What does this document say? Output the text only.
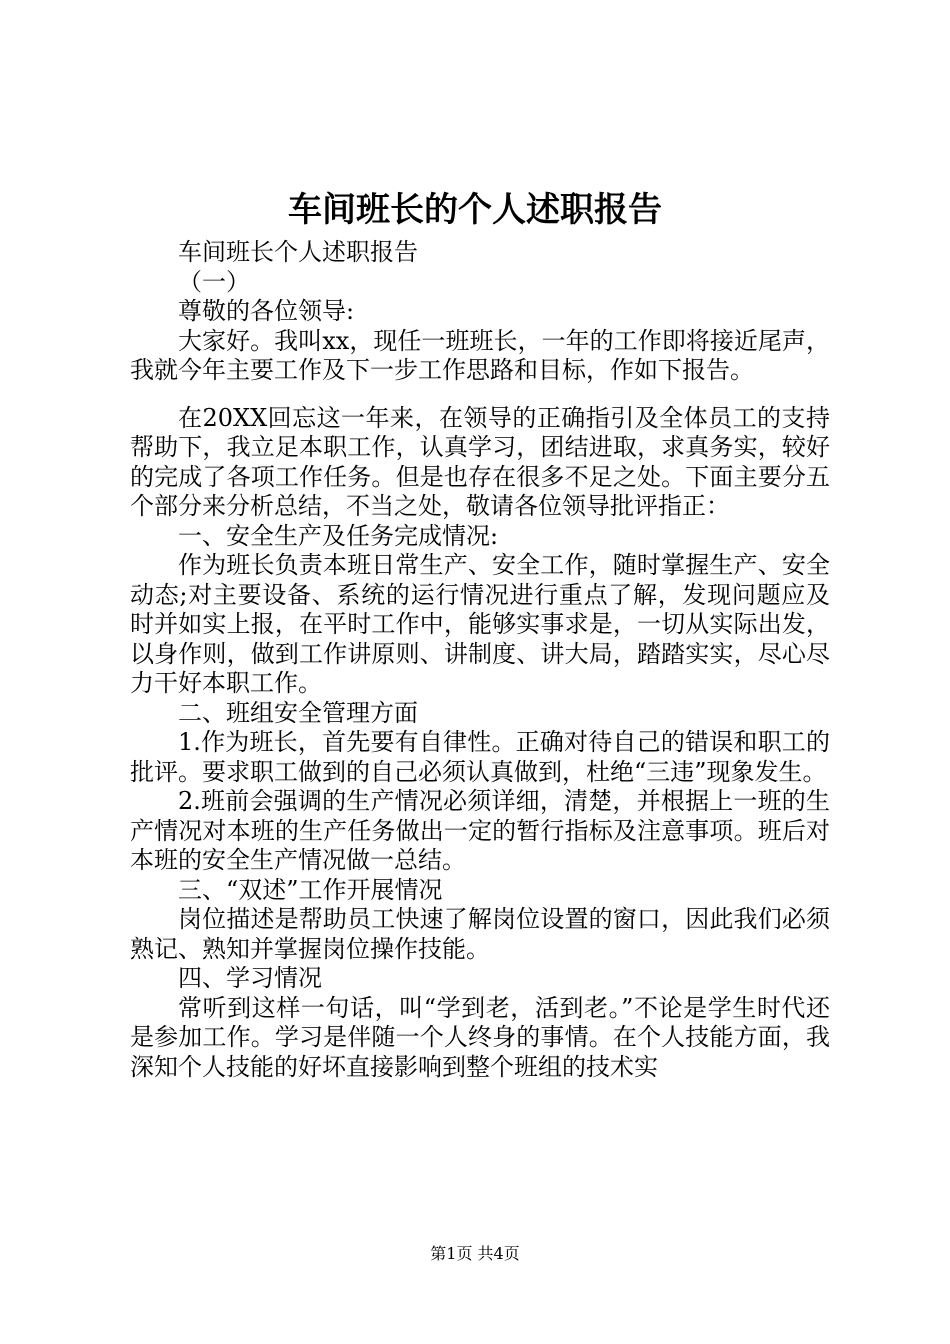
车间班长的个人述职报告

车间班长个人述职报告

（一）

尊敬的各位领导:

大家好。我叫xx，现任一班班长，一年的工作即将接近尾声，我就今年主要工作及下一步工作思路和目标，作如下报告。

在20XX回忘这一年来，在领导的正确指引及全体员工的支持帮助下，我立足本职工作，认真学习，团结进取，求真务实，较好的完成了各项工作任务。但是也存在很多不足之处。下面主要分五个部分来分析总结，不当之处，敬请各位领导批评指正：

一、安全生产及任务完成情况:

作为班长负责本班日常生产、安全工作，随时掌握生产、安全动态;对主要设备、系统的运行情况进行重点了解，发现问题应及时并如实上报，在平时工作中，能够实事求是，一切从实际出发，以身作则，做到工作讲原则、讲制度、讲大局，踏踏实实，尽心尽力干好本职工作。

二、班组安全管理方面

1.作为班长，首先要有自律性。正确对待自己的错误和职工的批评。要求职工做到的自己必须认真做到，杜绝“三违”现象发生。

2.班前会强调的生产情况必须详细，清楚，并根据上一班的生产情况对本班的生产任务做出一定的暂行指标及注意事项。班后对本班的安全生产情况做一总结。

三、“双述”工作开展情况

岗位描述是帮助员工快速了解岗位设置的窗口，因此我们必须熟记、熟知并掌握岗位操作技能。

四、学习情况

常听到这样一句话，叫“学到老，活到老。”不论是学生时代还是参加工作。学习是伴随一个人终身的事情。在个人技能方面，我深知个人技能的好坏直接影响到整个班组的技术实

第1页 共4页
